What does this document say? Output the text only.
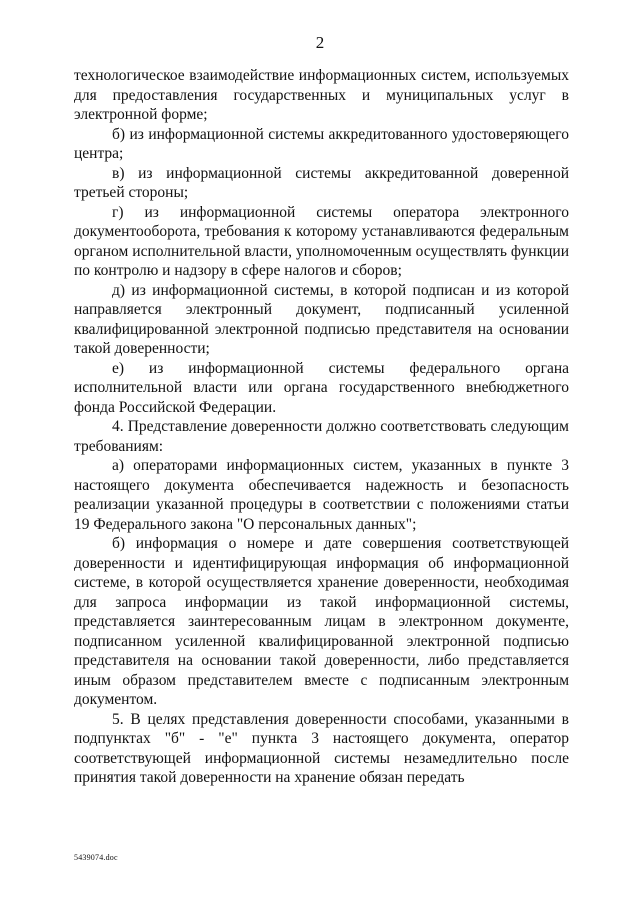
2

технологическое взаимодействие информационных систем, используемых для предоставления государственных и муниципальных услуг в электронной форме;

б) из информационной системы аккредитованного удостоверяющего центра;

в) из информационной системы аккредитованной доверенной третьей стороны;

г) из информационной системы оператора электронного документооборота, требования к которому устанавливаются федеральным органом исполнительной власти, уполномоченным осуществлять функции по контролю и надзору в сфере налогов и сборов;

д) из информационной системы, в которой подписан и из которой направляется электронный документ, подписанный усиленной квалифицированной электронной подписью представителя на основании такой доверенности;

е) из информационной системы федерального органа исполнительной власти или органа государственного внебюджетного фонда Российской Федерации.

4. Представление доверенности должно соответствовать следующим требованиям:

а) операторами информационных систем, указанных в пункте 3 настоящего документа обеспечивается надежность и безопасность реализации указанной процедуры в соответствии с положениями статьи 19 Федерального закона "О персональных данных";

б) информация о номере и дате совершения соответствующей доверенности и идентифицирующая информация об информационной системе, в которой осуществляется хранение доверенности, необходимая для запроса информации из такой информационной системы, представляется заинтересованным лицам в электронном документе, подписанном усиленной квалифицированной электронной подписью представителя на основании такой доверенности, либо представляется иным образом представителем вместе с подписанным электронным документом.

5. В целях представления доверенности способами, указанными в подпунктах "б" - "е" пункта 3 настоящего документа, оператор соответствующей информационной системы незамедлительно после принятия такой доверенности на хранение обязан передать

5439074.doc
